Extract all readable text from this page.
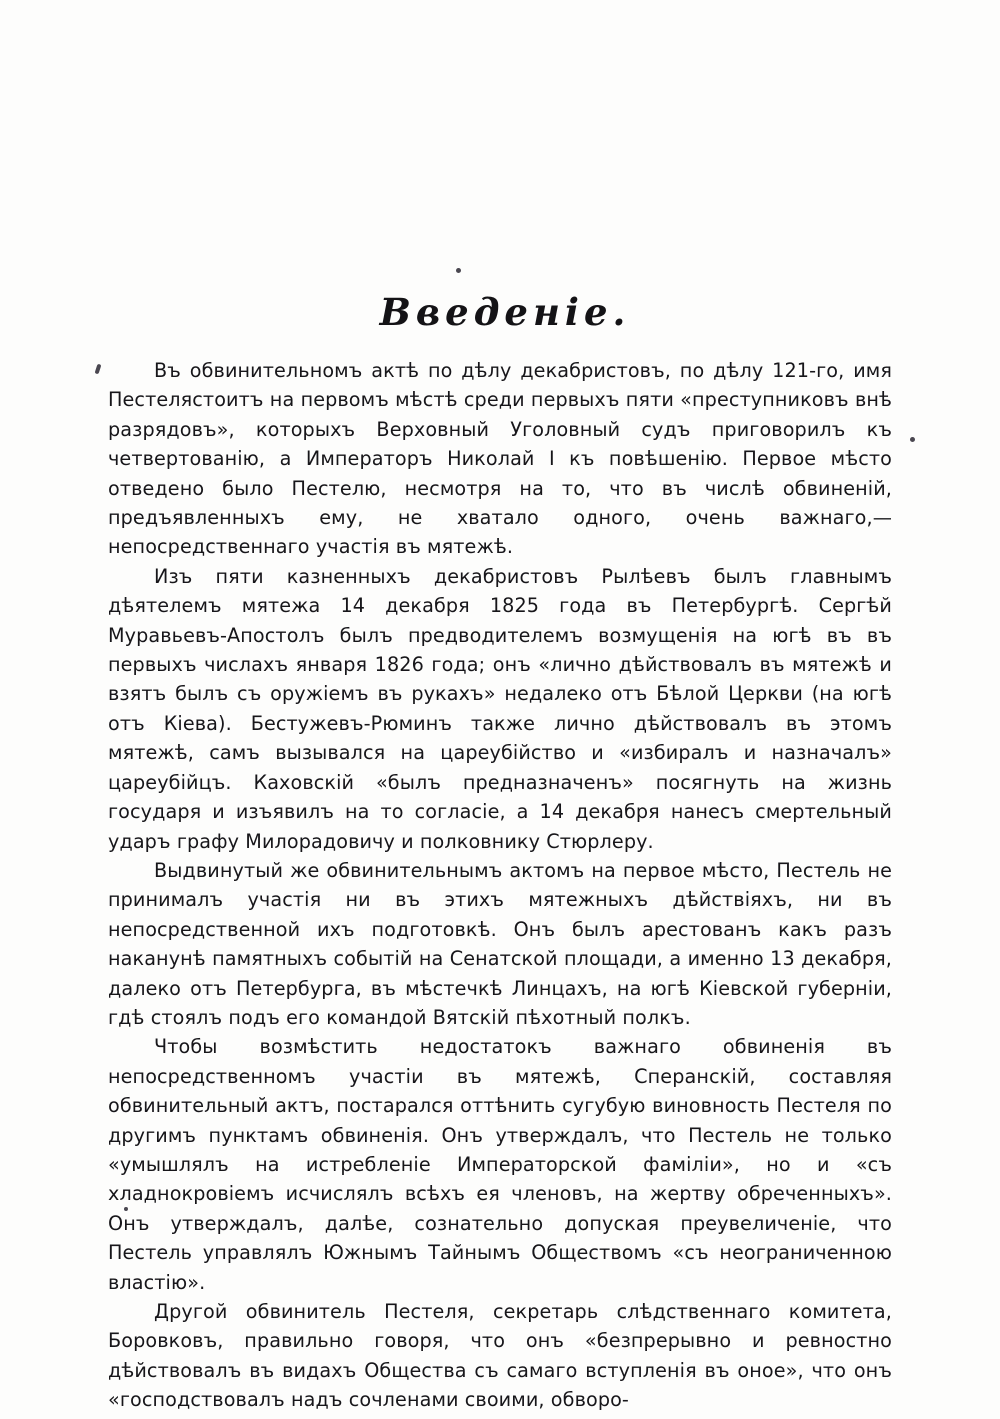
Введеніе.

Въ обвинительномъ актѣ по дѣлу декабристовъ, по дѣлу 121-го, имя Пестелястоитъ на первомъ мѣстѣ среди первыхъ пяти «преступниковъ внѣ разрядовъ», которыхъ Верховный Уголовный судъ приговорилъ къ четвертованію, а Императоръ Николай I къ повѣшенію. Первое мѣсто отведено было Пестелю, несмотря на то, что въ числѣ обвиненій, предъявленныхъ ему, не хватало одного, очень важнаго,—непосредственнаго участія въ мятежѣ.

Изъ пяти казненныхъ декабристовъ Рылѣевъ былъ главнымъ дѣятелемъ мятежа 14 декабря 1825 года въ Петербургѣ. Сергѣй Муравьевъ-Апостолъ былъ предводителемъ возмущенія на югѣ въ въ первыхъ числахъ января 1826 года; онъ «лично дѣйствовалъ въ мятежѣ и взятъ былъ съ оружіемъ въ рукахъ» недалеко отъ Бѣлой Церкви (на югѣ отъ Кіева). Бестужевъ-Рюминъ также лично дѣйствовалъ въ этомъ мятежѣ, самъ вызывался на цареубійство и «избиралъ и назначалъ» цареубійцъ. Каховскій «былъ предназначенъ» посягнуть на жизнь государя и изъявилъ на то согласіе, а 14 декабря нанесъ смертельный ударъ графу Милорадовичу и полковнику Стюрлеру.

Выдвинутый же обвинительнымъ актомъ на первое мѣсто, Пестель не принималъ участія ни въ этихъ мятежныхъ дѣйствіяхъ, ни въ непосредственной ихъ подготовкѣ. Онъ былъ арестованъ какъ разъ наканунѣ памятныхъ событій на Сенатской площади, а именно 13 декабря, далеко отъ Петербурга, въ мѣстечкѣ Линцахъ, на югѣ Кіевской губерніи, гдѣ стоялъ подъ его командой Вятскій пѣхотный полкъ.

Чтобы возмѣстить недостатокъ важнаго обвиненія въ непосредственномъ участіи въ мятежѣ, Сперанскій, составляя обвинительный актъ, постарался оттѣнить сугубую виновность Пестеля по другимъ пунктамъ обвиненія. Онъ утверждалъ, что Пестель не только «умышлялъ на истребленіе Императорской фаміліи», но и «съ хладнокровіемъ исчислялъ всѣхъ ея членовъ, на жертву обреченныхъ». Онъ утверждалъ, далѣе, сознательно допуская преувеличеніе, что Пестель управлялъ Южнымъ Тайнымъ Обществомъ «съ неограниченною властію».

Другой обвинитель Пестеля, секретарь слѣдственнаго комитета, Боровковъ, правильно говоря, что онъ «безпрерывно и ревностно дѣйствовалъ въ видахъ Общества съ самаго вступленія въ оное», что онъ «господствовалъ надъ сочленами своими, обворо-
